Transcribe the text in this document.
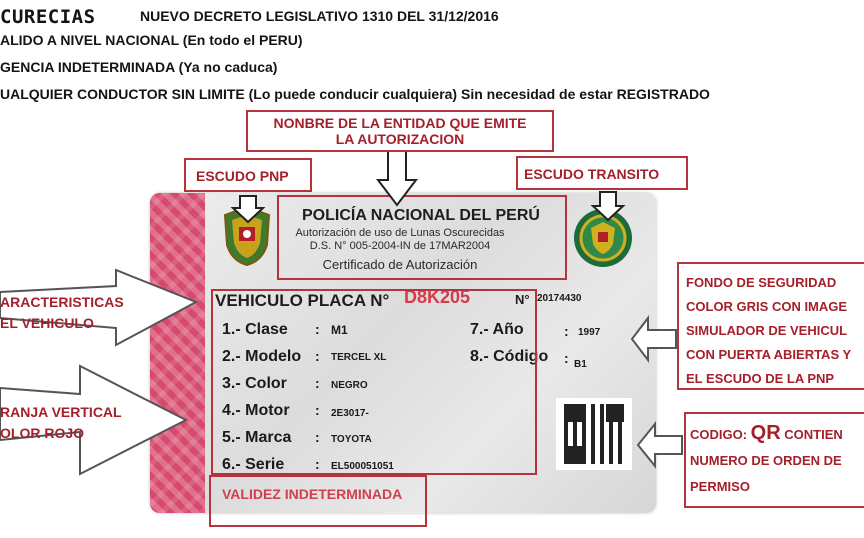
CURECIAS	NUEVO DECRETO LEGISLATIVO 1310 DEL 31/12/2016
ALIDO A NIVEL NACIONAL (En todo el PERU)
GENCIA INDETERMINADA (Ya no caduca)
UALQUIER CONDUCTOR SIN LIMITE (Lo puede conducir cualquiera) Sin necesidad de estar REGISTRADO
POLICÍA NACIONAL DEL PERÚ
Autorización de uso de Lunas Oscurecidas
D.S. N° 005-2004-IN de 17MAR2004
Certificado de Autorización
VEHICULO PLACA N° D8K205	N° 20174430
1.- Clase : M1
2.- Modelo : TERCEL XL
3.- Color : NEGRO
4.- Motor : 2E3017-
5.- Marca : TOYOTA
6.- Serie : EL500051051
7.- Año	: 1997
8.- Código : B1
NONBRE DE LA ENTIDAD QUE EMITE
LA AUTORIZACION
ESCUDO PNP	ESCUDO TRANSITO
ARACTERISTICAS
EL VEHICULO
RANJA VERTICAL
OLOR ROJO
FONDO DE SEGURIDAD
COLOR GRIS CON IMAGE
SIMULADOR DE VEHICUL
CON PUERTA ABIERTAS Y
EL ESCUDO DE LA PNP
CODIGO: QR CONTIEN
NUMERO DE ORDEN DE
PERMISO
VALIDEZ INDETERMINADA
